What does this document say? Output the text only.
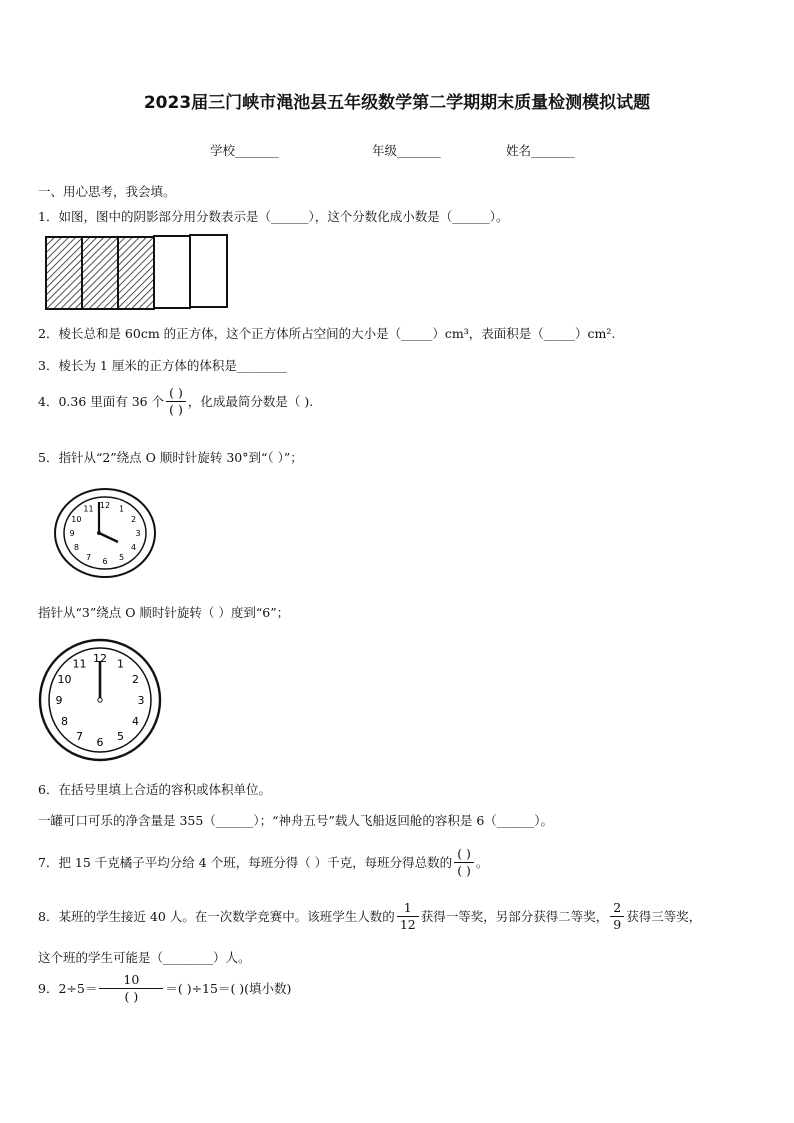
2023届三门峡市渑池县五年级数学第二学期期末质量检测模拟试题
学校_______	年级_______	姓名_______
一、用心思考，我会填。
1．如图，图中的阴影部分用分数表示是（______），这个分数化成小数是（______）。
2．棱长总和是 60cm 的正方体，这个正方体所占空间的大小是（_____）cm³，表面积是（_____）cm².
3．棱长为 1 厘米的正方体的体积是________
4．0.36 里面有 36 个 $\frac{( )}{( )}$ ，化成最简分数是（ ).
5．指针从“2”绕点 O 顺时针旋转 30°到“（ ）”；
12 1
2
3
4
5
6
7
8
9
10
11
指针从“3”绕点 O 顺时针旋转（ ）度到“6”；
12 1
2
3
4
5
6
7
8
9
10
11
6．在括号里填上合适的容积或体积单位。
一罐可口可乐的净含量是 355（______）；“神舟五号”载人飞船返回舱的容积是 6（______）。
7．把 15 千克橘子平均分给 4 个班，每班分得（ ）千克，每班分得总数的 $\frac{( )}{( )}$ 。
8．某班的学生接近 40 人。在一次数学竞赛中。该班学生人数的 $\frac{1}{12}$ 获得一等奖，另部分获得二等奖， $\frac{2}{9}$ 获得三等奖，
这个班的学生可能是（________）人。
9．$2\div 5= \frac{10}{( )}$ ＝( )÷15＝( )(填小数)
